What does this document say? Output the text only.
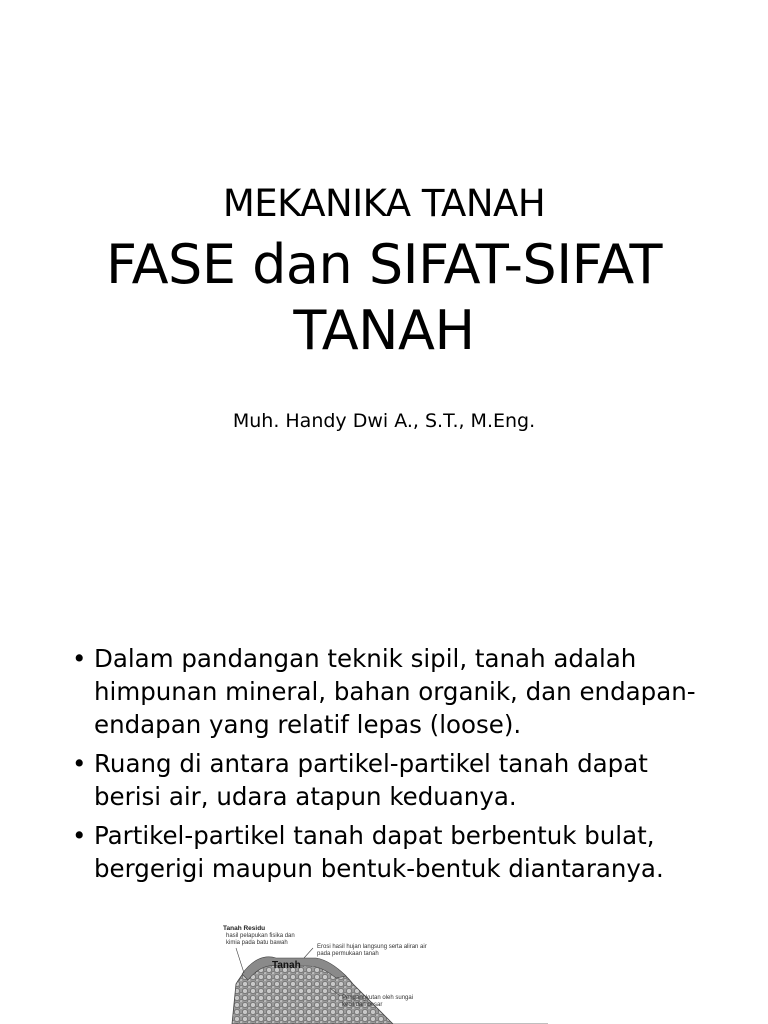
MEKANIKA TANAH
FASE dan SIFAT-SIFAT
TANAH
Muh. Handy Dwi A., S.T., M.Eng.
• Dalam pandangan teknik sipil, tanah adalah himpunan mineral, bahan organik, dan endapan-endapan yang relatif lepas (loose).
• Ruang di antara partikel-partikel tanah dapat berisi air, udara atapun keduanya.
• Partikel-partikel tanah dapat berbentuk bulat, bergerigi maupun bentuk-bentuk diantaranya.
Tanah Residu
hasil pelapukan fisika dan
kimia pada batu bawah
Erosi hasil hujan langsung serta aliran air
pada permukaan tanah
Tanah
Pengangkutan oleh sungai
kecil dan besar
